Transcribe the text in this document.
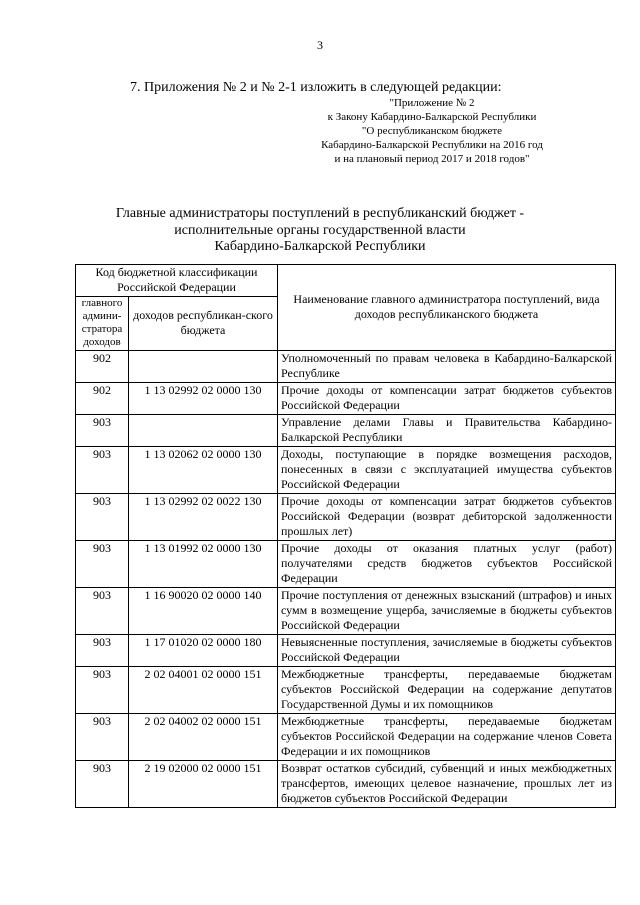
3
7. Приложения № 2 и № 2-1 изложить в следующей редакции:
"Приложение № 2
к Закону Кабардино-Балкарской Республики
"О республиканском бюджете
Кабардино-Балкарской Республики на 2016 год
и на плановый период 2017 и 2018 годов"
Главные администраторы поступлений в республиканский бюджет -
исполнительные органы государственной власти
Кабардино-Балкарской Республики
Код бюджетной классификации Российской Федерации		Наименование главного администратора поступлений, вида доходов республиканского бюджета
главного админи-стратора доходов	доходов республикан-ского бюджета	
902		Уполномоченный по правам человека в Кабардино-Балкарской Республике
902	1 13 02992 02 0000 130	Прочие доходы от компенсации затрат бюджетов субъектов Российской Федерации
903		Управление делами Главы и Правительства Кабардино-Балкарской Республики
903	1 13 02062 02 0000 130	Доходы, поступающие в порядке возмещения расходов, понесенных в связи с эксплуатацией имущества субъектов Российской Федерации
903	1 13 02992 02 0022 130	Прочие доходы от компенсации затрат бюджетов субъектов Российской Федерации (возврат дебиторской задолженности прошлых лет)
903	1 13 01992 02 0000 130	Прочие доходы от оказания платных услуг (работ) получателями средств бюджетов субъектов Российской Федерации
903	1 16 90020 02 0000 140	Прочие поступления от денежных взысканий (штрафов) и иных сумм в возмещение ущерба, зачисляемые в бюджеты субъектов Российской Федерации
903	1 17 01020 02 0000 180	Невыясненные поступления, зачисляемые в бюджеты субъектов Российской Федерации
903	2 02 04001 02 0000 151	Межбюджетные трансферты, передаваемые бюджетам субъектов Российской Федерации на содержание депутатов Государственной Думы и их помощников
903	2 02 04002 02 0000 151	Межбюджетные трансферты, передаваемые бюджетам субъектов Российской Федерации на содержание членов Совета Федерации и их помощников
903	2 19 02000 02 0000 151	Возврат остатков субсидий, субвенций и иных межбюджетных трансфертов, имеющих целевое назначение, прошлых лет из бюджетов субъектов Российской Федерации
